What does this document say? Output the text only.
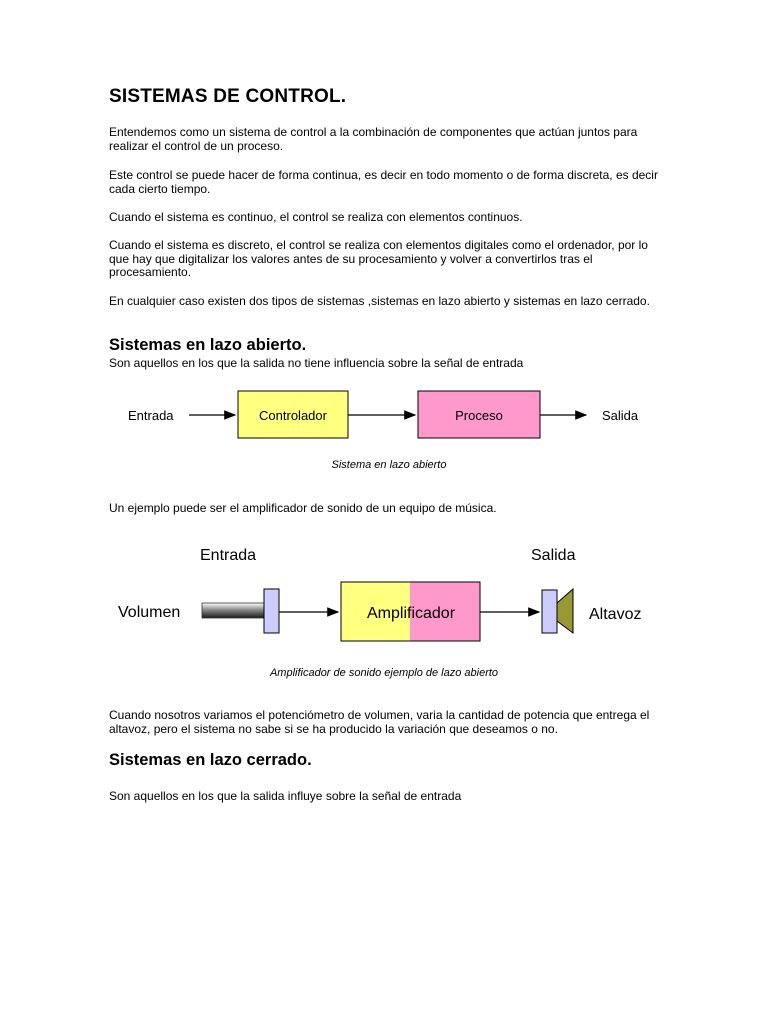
SISTEMAS DE CONTROL.

Entendemos como un sistema de control a la combinación de componentes que actúan juntos para realizar el control de un proceso.

Este control se puede hacer de forma continua, es decir en todo momento o de forma discreta, es decir cada cierto tiempo.

Cuando el sistema es continuo, el control se realiza con elementos continuos.

Cuando el sistema es discreto, el control se realiza con elementos digitales como el ordenador, por lo que hay que digitalizar los valores antes de su procesamiento y volver a convertirlos tras el procesamiento.

En cualquier caso existen dos tipos de sistemas ,sistemas en lazo abierto y sistemas en lazo cerrado.

Sistemas en lazo abierto.

Son aquellos en los que la salida no tiene influencia sobre la señal de entrada

Entrada	Controlador	Proceso	Salida
Sistema en lazo abierto

Un ejemplo puede ser el amplificador de sonido de un equipo de música.

Entrada	Salida
Volumen	Amplificador	Altavoz
Amplificador de sonido ejemplo de lazo abierto

Cuando nosotros variamos el potenciómetro de volumen, varia la cantidad de potencia que entrega el altavoz, pero el sistema no sabe si se ha producido la variación que deseamos o no.

Sistemas en lazo cerrado.

Son aquellos en los que la salida influye sobre la señal de entrada
